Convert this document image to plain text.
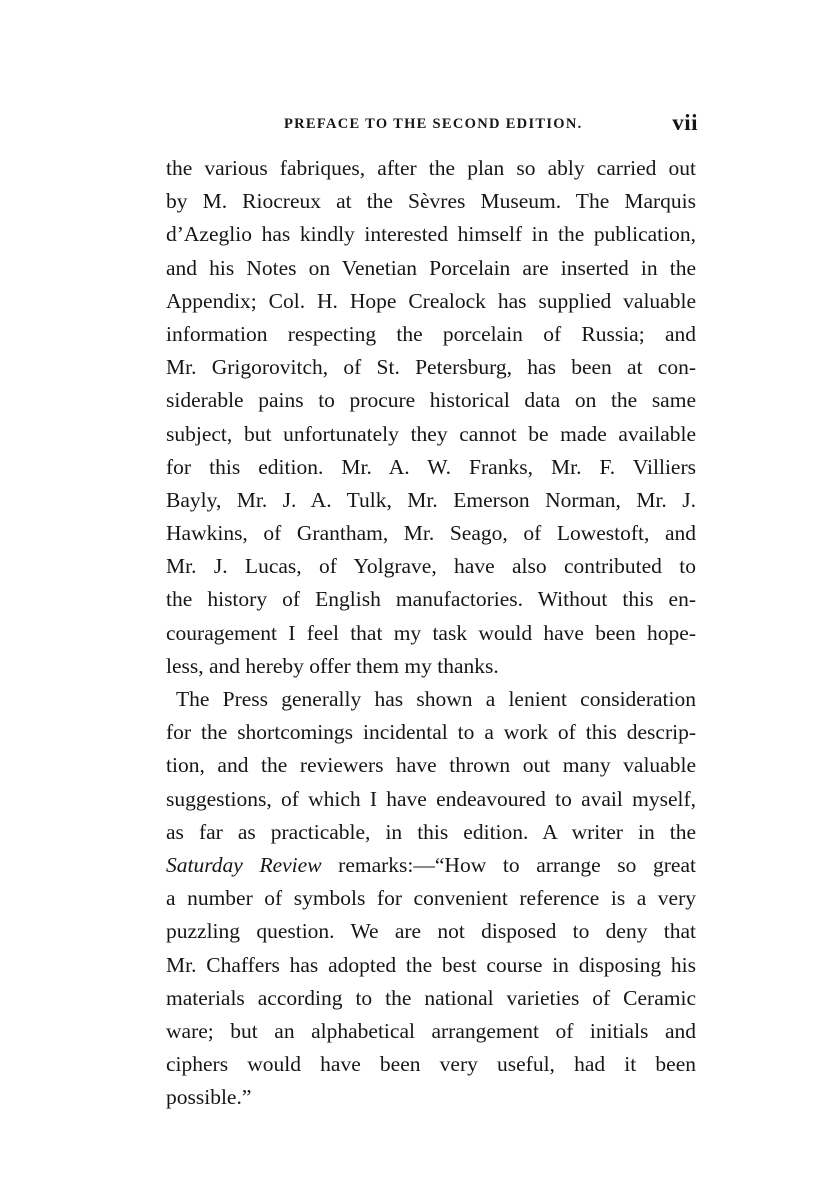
PREFACE TO THE SECOND EDITION.	vii
the various fabriques, after the plan so ably carried out
by M. Riocreux at the Sèvres Museum. The Marquis
d’Azeglio has kindly interested himself in the publication,
and his Notes on Venetian Porcelain are inserted in the
Appendix; Col. H. Hope Crealock has supplied valuable
information respecting the porcelain of Russia; and
Mr. Grigorovitch, of St. Petersburg, has been at con-
siderable pains to procure historical data on the same
subject, but unfortunately they cannot be made available
for this edition. Mr. A. W. Franks, Mr. F. Villiers
Bayly, Mr. J. A. Tulk, Mr. Emerson Norman, Mr. J.
Hawkins, of Grantham, Mr. Seago, of Lowestoft, and
Mr. J. Lucas, of Yolgrave, have also contributed to
the history of English manufactories. Without this en-
couragement I feel that my task would have been hope-
less, and hereby offer them my thanks.
The Press generally has shown a lenient consideration
for the shortcomings incidental to a work of this descrip-
tion, and the reviewers have thrown out many valuable
suggestions, of which I have endeavoured to avail myself,
as far as practicable, in this edition. A writer in the
Saturday Review remarks:—“How to arrange so great
a number of symbols for convenient reference is a very
puzzling question. We are not disposed to deny that
Mr. Chaffers has adopted the best course in disposing his
materials according to the national varieties of Ceramic
ware; but an alphabetical arrangement of initials and
ciphers would have been very useful, had it been
possible.”
